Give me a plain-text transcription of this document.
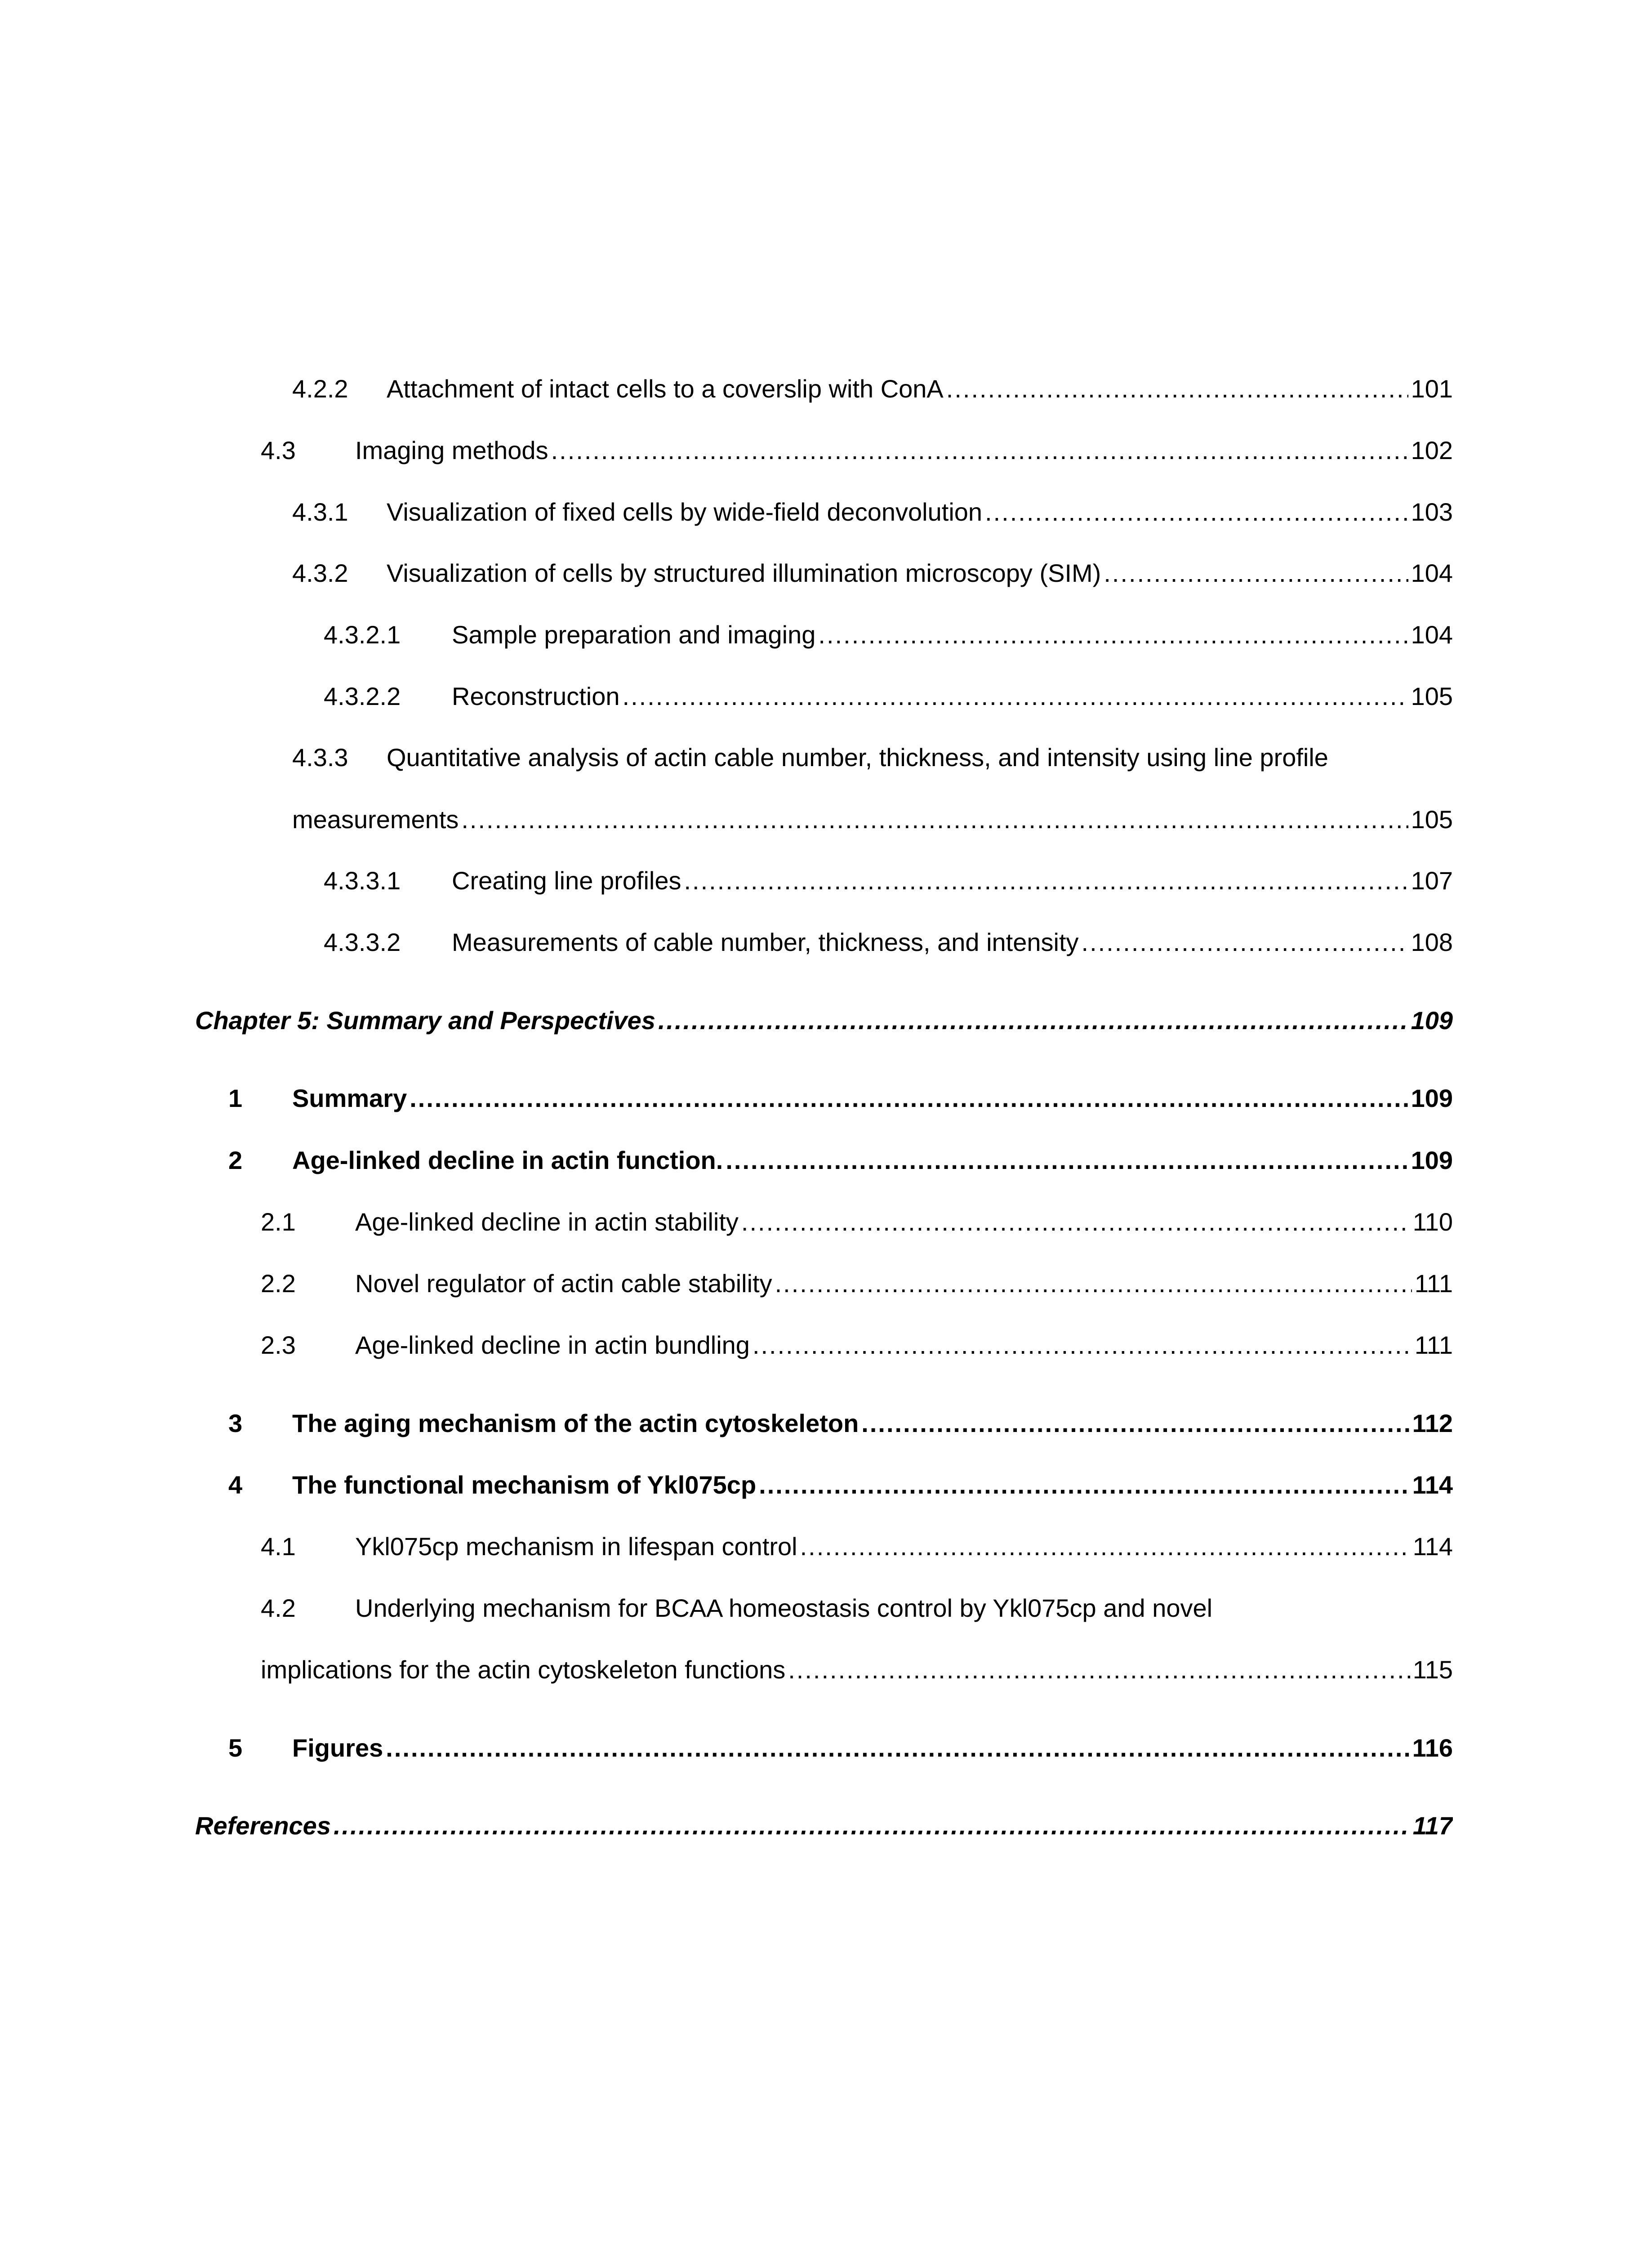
4.2.2	Attachment of intact cells to a coverslip with ConA .....	101
4.3	Imaging methods .....	102
4.3.1	Visualization of fixed cells by wide-field deconvolution .....	103
4.3.2	Visualization of cells by structured illumination microscopy (SIM) .....	104
4.3.2.1	Sample preparation and imaging .....	104
4.3.2.2	Reconstruction .....	105
4.3.3	Quantitative analysis of actin cable number, thickness, and intensity using line profile
measurements .....	105
4.3.3.1	Creating line profiles .....	107
4.3.3.2	Measurements of cable number, thickness, and intensity .....	108
Chapter 5: Summary and Perspectives .....	109
1	Summary .....	109
2	Age-linked decline in actin function. .....	109
2.1	Age-linked decline in actin stability .....	110
2.2	Novel regulator of actin cable stability .....	111
2.3	Age-linked decline in actin bundling .....	111
3	The aging mechanism of the actin cytoskeleton .....	112
4	The functional mechanism of Ykl075cp .....	114
4.1	Ykl075cp mechanism in lifespan control .....	114
4.2	Underlying mechanism for BCAA homeostasis control by Ykl075cp and novel
implications for the actin cytoskeleton functions .....	115
5	Figures .....	116
References .....	117
